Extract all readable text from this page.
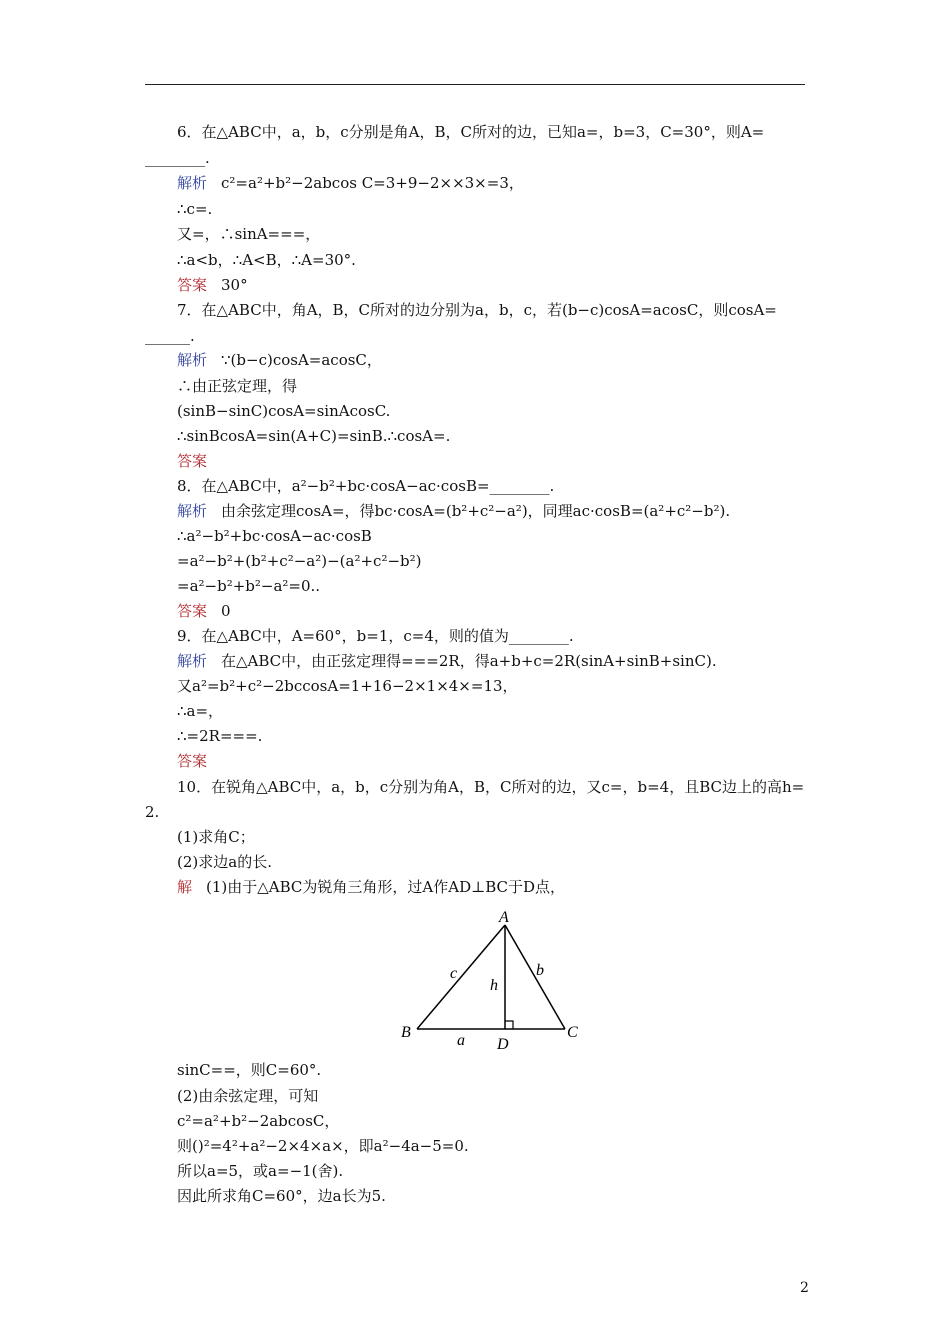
6．在△ABC中，a，b，c分别是角A，B，C所对的边，已知a=，b=3，C=30°，则A=
________.
解析 c²=a²+b²−2abcos C=3+9−2××3×=3，
∴c=.
又=，∴sinA===，
∴a<b，∴A<B，∴A=30°.
答案 30°
7．在△ABC中，角A，B，C所对的边分别为a，b，c，若(b−c)cosA=acosC，则cosA=
______.
解析 ∵(b−c)cosA=acosC，
∴由正弦定理，得
(sinB−sinC)cosA=sinAcosC.
∴sinBcosA=sin(A+C)=sinB.∴cosA=.
答案
8．在△ABC中，a²−b²+bc·cosA−ac·cosB=________.
解析 由余弦定理cosA=，得bc·cosA=(b²+c²−a²)，同理ac·cosB=(a²+c²−b²).
∴a²−b²+bc·cosA−ac·cosB
=a²−b²+(b²+c²−a²)−(a²+c²−b²)
=a²−b²+b²−a²=0..
答案 0
9．在△ABC中，A=60°，b=1，c=4，则的值为________.
解析 在△ABC中，由正弦定理得===2R，得a+b+c=2R(sinA+sinB+sinC).
又a²=b²+c²−2bccosA=1+16−2×1×4×=13，
∴a=，
∴=2R===.
答案
10．在锐角△ABC中，a，b，c分别为角A，B，C所对的边，又c=，b=4，且BC边上的高h=
2.
(1)求角C；
(2)求边a的长.
解 (1)由于△ABC为锐角三角形，过A作AD⊥BC于D点，
sinC==，则C=60°.
(2)由余弦定理，可知
c²=a²+b²−2abcosC，
则()²=4²+a²−2×4×a×，即a²−4a−5=0.
所以a=5，或a=−1(舍).
因此所求角C=60°，边a长为5.
A
B	C
D
a
b
c
h
2
